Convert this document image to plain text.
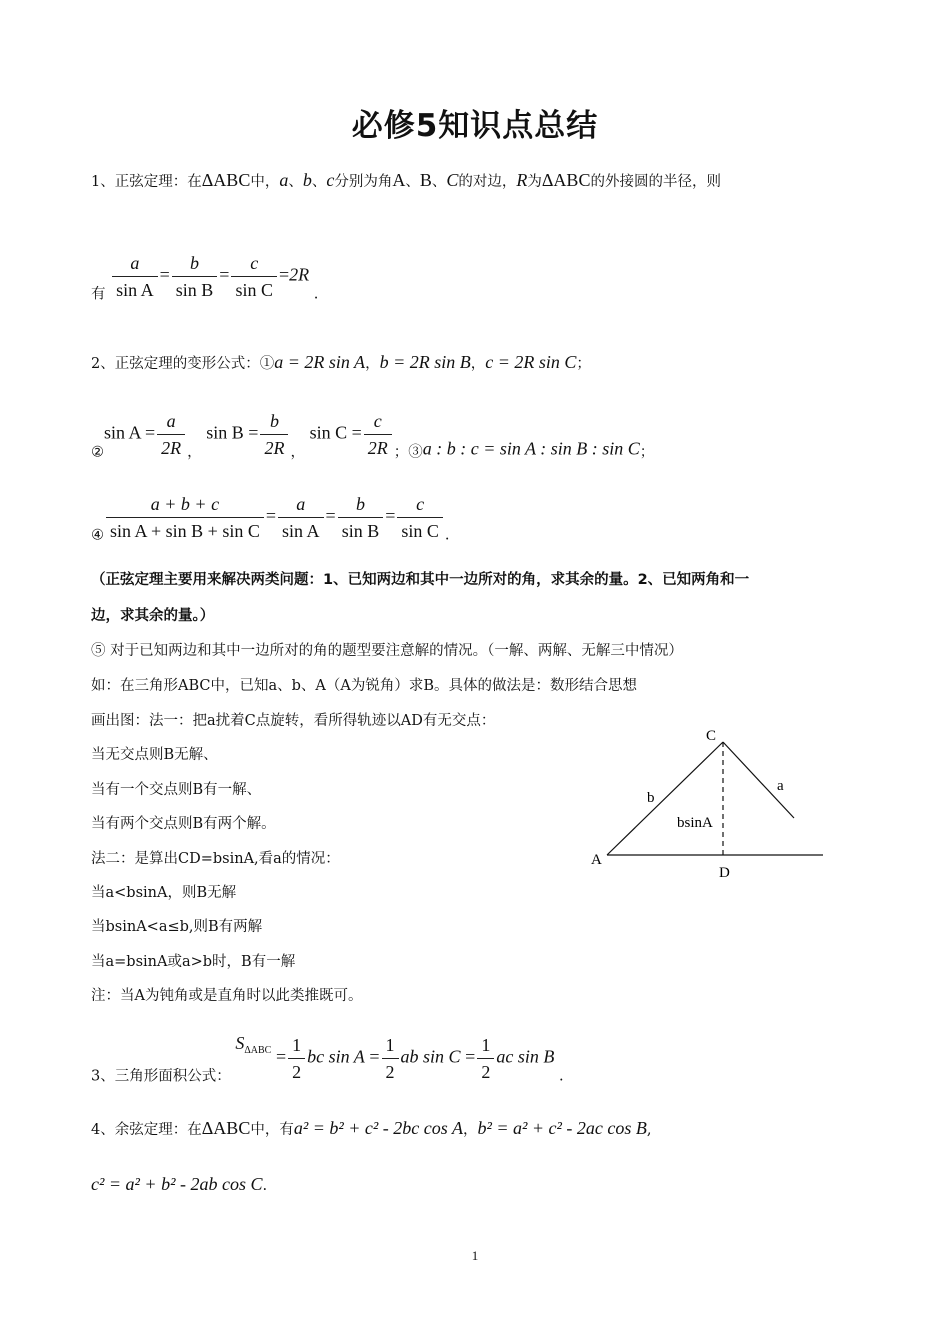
必修5知识点总结
1、正弦定理：在ΔABC中，a、b、c分别为角A、B、C的对边，R为ΔABC的外接圆的半径，则
有 $\frac{a}{\text{sin A}} = \frac{b}{\text{sin B}} = \frac{c}{\text{sin C}} =2R$ .
2、正弦定理的变形公式：①a = 2R sin A，b = 2R sin B，c = 2R sin C；
②sin $A = \frac{a}{2R}$ ， $\sin B = \frac{b}{2R}$ ， $\sin C = \frac{c}{2R}$ ；③a : b : c = sin A : sin B : sin C；
④ $\frac{a + b + c}{\text{sin A + sin B + sin C}} = \frac{a}{\text{sin A}} = \frac{b}{\text{sin B}} = \frac{c}{\text{sin C}}$ .
（正弦定理主要用来解决两类问题：1、已知两边和其中一边所对的角，求其余的量。2、已知两角和一
边，求其余的量。）
⑤ 对于已知两边和其中一边所对的角的题型要注意解的情况。（一解、两解、无解三中情况）
如：在三角形ABC中，已知a、b、A（A为锐角）求B。具体的做法是：数形结合思想
画出图：法一：把a扰着C点旋转，看所得轨迹以AD有无交点：
当无交点则B无解、
当有一个交点则B有一解、
当有两个交点则B有两个解。
法二：是算出CD=bsinA,看a的情况：
当a<bsinA，则B无解
当bsinA<a≤b,则B有两解
当a=bsinA或a>b时，B有一解
注：当A为钝角或是直角时以此类推既可。
C
a
b
bsinA
A
D
3、三角形面积公式： $S_{\Delta ABC} = \frac{1}{2}$ bc $\sin A = \frac{1}{2}$ ab $\sin C = \frac{1}{2}$ ac sin B .
4、余弦定理：在ΔABC中，有a² = b² + c² - 2bc cos A，b² = a² + c² - 2ac cos B,
c² = a² + b² - 2ab cos C.
1
